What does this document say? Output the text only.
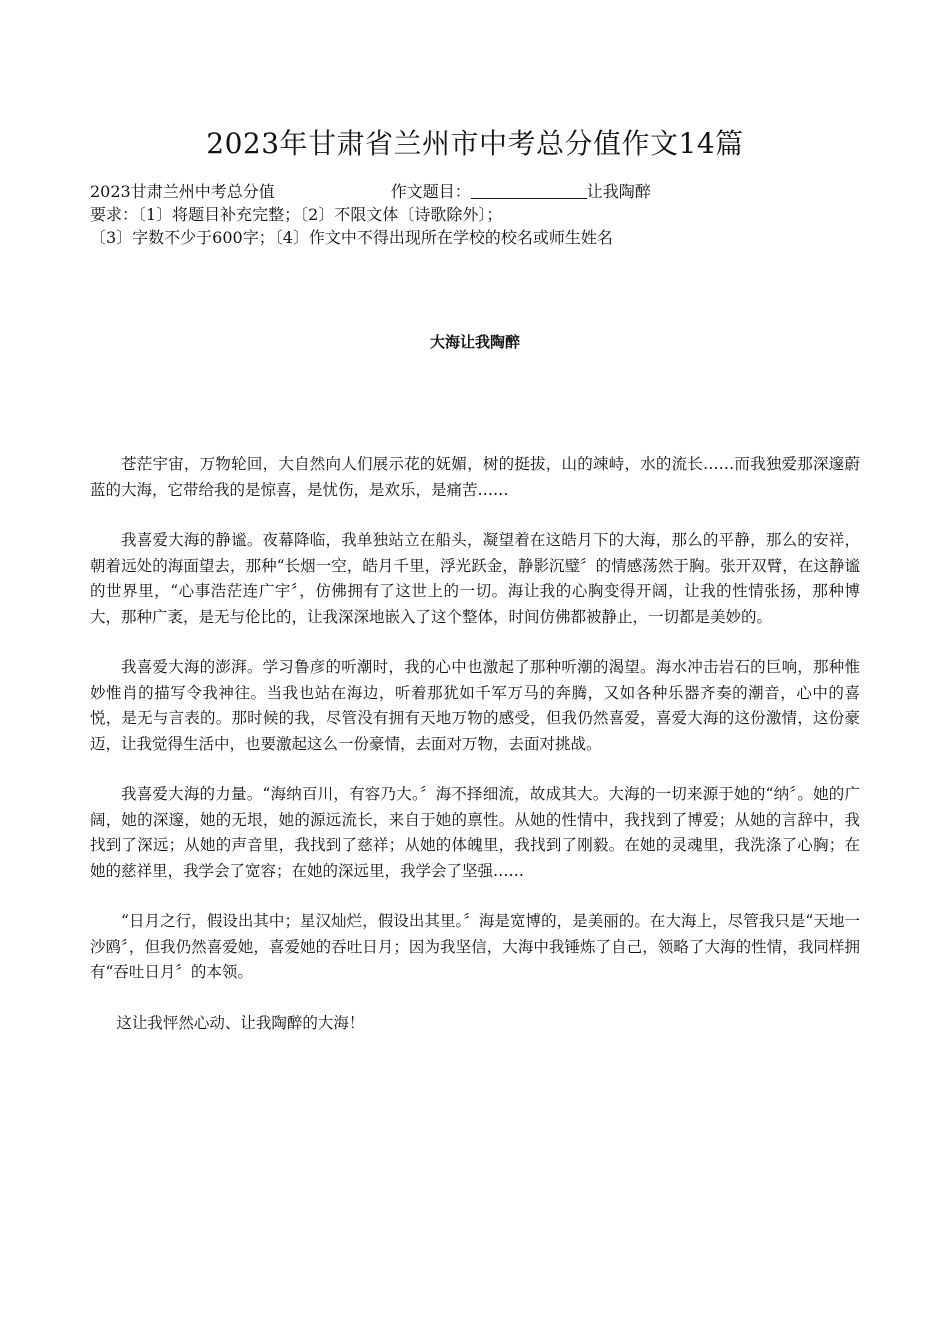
2023年甘肃省兰州市中考总分值作文14篇
2023甘肃兰州中考总分值	作文题目：	让我陶醉
要求：〔1〕将题目补充完整；〔2〕不限文体〔诗歌除外〕；
〔3〕字数不少于600字；〔4〕作文中不得出现所在学校的校名或师生姓名
大海让我陶醉

苍茫宇宙，万物轮回，大自然向人们展示花的妩媚，树的挺拔，山的竦峙，水的流长……而我独爱那深邃蔚蓝的大海，它带给我的是惊喜，是忧伤，是欢乐，是痛苦……

我喜爱大海的静谧。夜幕降临，我单独站立在船头，凝望着在这皓月下的大海，那么的平静，那么的安祥，朝着远处的海面望去，那种“长烟一空，皓月千里，浮光跃金，静影沉璧〞的情感荡然于胸。张开双臂，在这静谧的世界里，“心事浩茫连广宇〞，仿佛拥有了这世上的一切。海让我的心胸变得开阔，让我的性情张扬，那种博大，那种广袤，是无与伦比的，让我深深地嵌入了这个整体，时间仿佛都被静止，一切都是美妙的。

我喜爱大海的澎湃。学习鲁彦的听潮时，我的心中也激起了那种听潮的渴望。海水冲击岩石的巨响，那种惟妙惟肖的描写令我神往。当我也站在海边，听着那犹如千军万马的奔腾，又如各种乐器齐奏的潮音，心中的喜悦，是无与言表的。那时候的我，尽管没有拥有天地万物的感受，但我仍然喜爱，喜爱大海的这份激情，这份豪迈，让我觉得生活中，也要激起这么一份豪情，去面对万物，去面对挑战。

我喜爱大海的力量。“海纳百川，有容乃大。〞海不择细流，故成其大。大海的一切来源于她的“纳〞。她的广阔，她的深邃，她的无垠，她的源远流长，来自于她的禀性。从她的性情中，我找到了博爱；从她的言辞中，我找到了深远；从她的声音里，我找到了慈祥；从她的体魄里，我找到了刚毅。在她的灵魂里，我洗涤了心胸；在她的慈祥里，我学会了宽容；在她的深远里，我学会了坚强……

“日月之行，假设出其中；星汉灿烂，假设出其里。〞海是宽博的，是美丽的。在大海上，尽管我只是“天地一沙鸥〞，但我仍然喜爱她，喜爱她的吞吐日月；因为我坚信，大海中我锤炼了自己，领略了大海的性情，我同样拥有“吞吐日月〞的本领。

这让我怦然心动、让我陶醉的大海！
